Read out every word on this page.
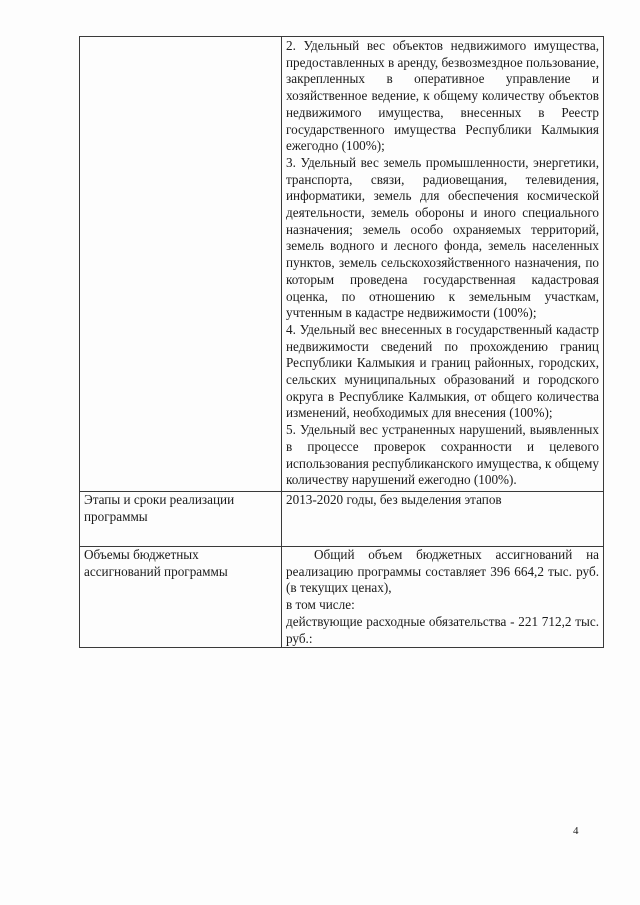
	2. Удельный вес объектов недвижимого имущества, предоставленных в аренду, безвозмездное пользование, закрепленных в оперативное управление и хозяйственное ведение, к общему количеству объектов недвижимого имущества, внесенных в Реестр государственного имущества Республики Калмыкия ежегодно (100%);

3. Удельный вес земель промышленности, энергетики, транспорта, связи, радиовещания, телевидения, информатики, земель для обеспечения космической деятельности, земель обороны и иного специального назначения; земель особо охраняемых территорий, земель водного и лесного фонда, земель населенных пунктов, земель сельскохозяйственного назначения, по которым проведена государственная кадастровая оценка, по отношению к земельным участкам, учтенным в кадастре недвижимости (100%);

4. Удельный вес внесенных в государственный кадастр недвижимости сведений по прохождению границ Республики Калмыкия и границ районных, городских, сельских муниципальных образований и городского округа в Республике Калмыкия, от общего количества изменений, необходимых для внесения (100%);

5. Удельный вес устраненных нарушений, выявленных в процессе проверок сохранности и целевого использования республиканского имущества, к общему количеству нарушений ежегодно (100%).

Этапы и сроки реализации программы	2013-2020 годы, без выделения этапов
Объемы бюджетных ассигнований программы	Общий объем бюджетных ассигнований на реализацию программы составляет 396 664,2 тыс. руб. (в текущих ценах),

в том числе:

действующие расходные обязательства - 221 712,2 тыс. руб.:

4
